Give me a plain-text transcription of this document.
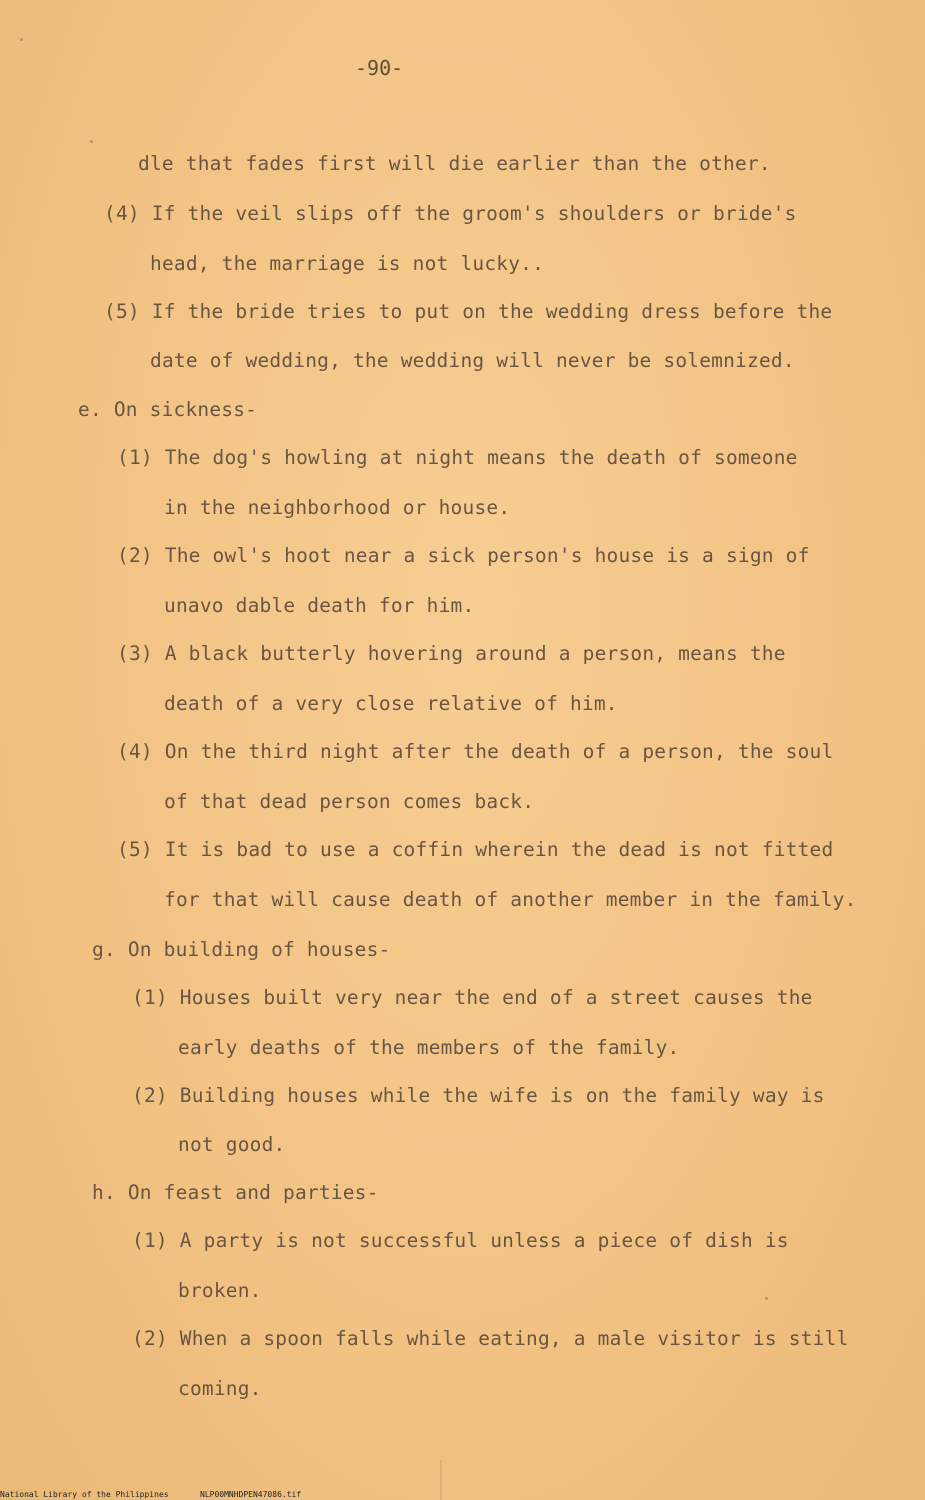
-90-
dle that fades first will die earlier than the other.
(4) If the veil slips off the groom's shoulders or bride's
head, the marriage is not lucky..
(5) If the bride tries to put on the wedding dress before the
date of wedding, the wedding will never be solemnized.
e. On sickness-
(1) The dog's howling at night means the death of someone
in the neighborhood or house.
(2) The owl's hoot near a sick person's house is a sign of
unavo dable death for him.
(3) A black butterly hovering around a person, means the
death of a very close relative of him.
(4) On the third night after the death of a person, the soul
of that dead person comes back.
(5) It is bad to use a coffin wherein the dead is not fitted
for that will cause death of another member in the family.
g. On building of houses-
(1) Houses built very near the end of a street causes the
early deaths of the members of the family.
(2) Building houses while the wife is on the family way is
not good.
h. On feast and parties-
(1) A party is not successful unless a piece of dish is
broken.
(2) When a spoon falls while eating, a male visitor is still
coming.
National Library of the Philippines	NLP00MNHDPEN47086.tif
